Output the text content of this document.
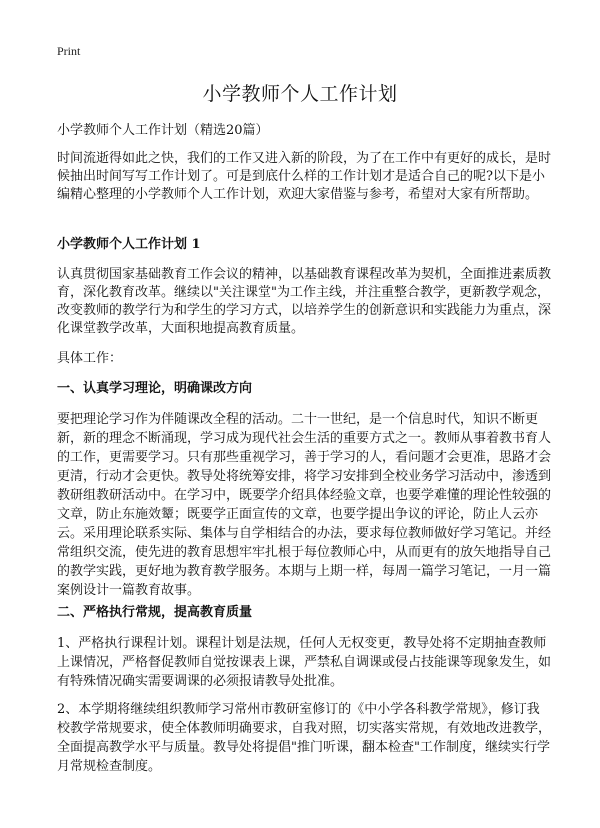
Print
小学教师个人工作计划

小学教师个人工作计划（精选20篇）

时间流逝得如此之快，我们的工作又进入新的阶段，为了在工作中有更好的成长，是时候抽出时间写写工作计划了。可是到底什么样的工作计划才是适合自己的呢?以下是小编精心整理的小学教师个人工作计划，欢迎大家借鉴与参考，希望对大家有所帮助。

小学教师个人工作计划 1

认真贯彻国家基础教育工作会议的精神，以基础教育课程改革为契机，全面推进素质教育，深化教育改革。继续以"关注课堂"为工作主线，并注重整合教学，更新教学观念，改变教师的教学行为和学生的学习方式，以培养学生的创新意识和实践能力为重点，深化课堂教学改革，大面积地提高教育质量。

具体工作：

一、认真学习理论，明确课改方向

要把理论学习作为伴随课改全程的活动。二十一世纪，是一个信息时代，知识不断更新，新的理念不断涌现，学习成为现代社会生活的重要方式之一。教师从事着教书育人的工作，更需要学习。只有那些重视学习，善于学习的人，看问题才会更准，思路才会更清，行动才会更快。教导处将统筹安排，将学习安排到全校业务学习活动中，渗透到教研组教研活动中。在学习中，既要学介绍具体经验文章，也要学难懂的理论性较强的文章，防止东施效颦；既要学正面宣传的文章，也要学提出争议的评论，防止人云亦云。采用理论联系实际、集体与自学相结合的办法，要求每位教师做好学习笔记。并经常组织交流，使先进的教育思想牢牢扎根于每位教师心中，从而更有的放矢地指导自己的教学实践，更好地为教育教学服务。本期与上期一样，每周一篇学习笔记，一月一篇案例设计一篇教育故事。

二、严格执行常规，提高教育质量

1、严格执行课程计划。课程计划是法规，任何人无权变更，教导处将不定期抽查教师上课情况，严格督促教师自觉按课表上课，严禁私自调课或侵占技能课等现象发生，如有特殊情况确实需要调课的必须报请教导处批准。

2、本学期将继续组织教师学习常州市教研室修订的《中小学各科教学常规》，修订我校教学常规要求，使全体教师明确要求，自我对照，切实落实常规，有效地改进教学，全面提高教学水平与质量。教导处将提倡"推门听课，翻本检查"工作制度，继续实行学月常规检查制度。
